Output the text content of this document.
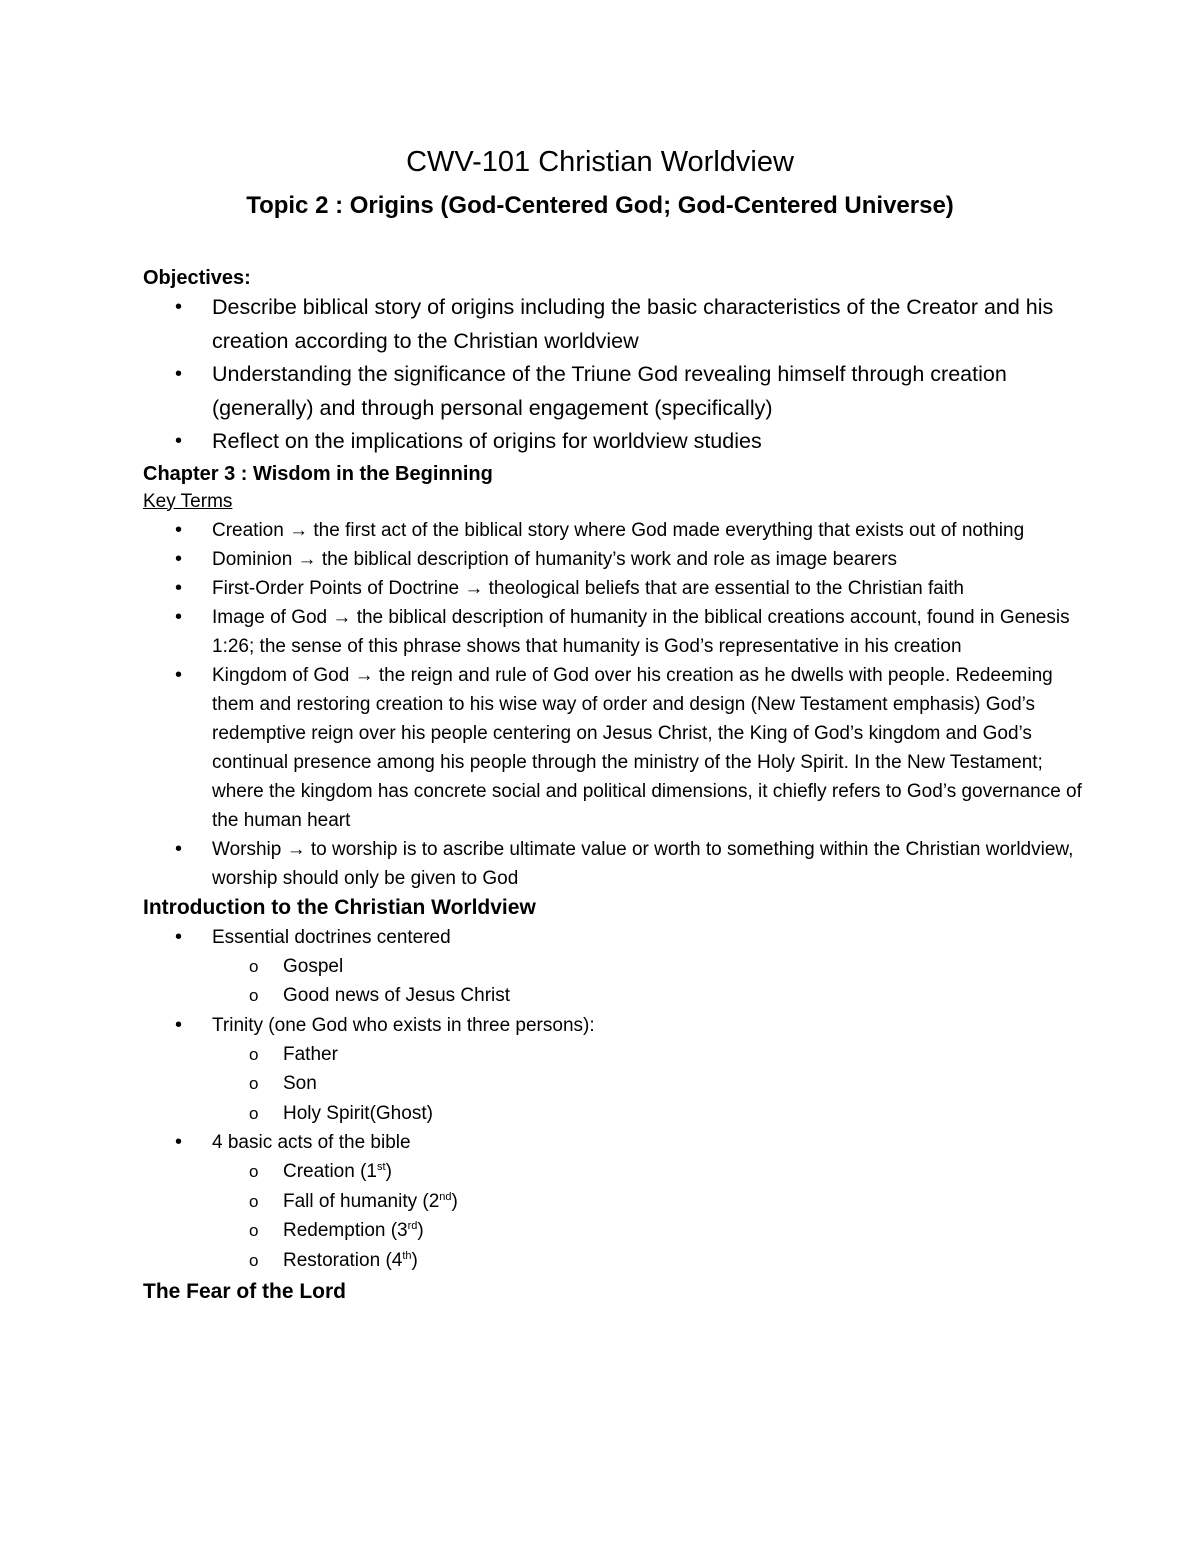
CWV-101 Christian Worldview
Topic 2 : Origins (God-Centered God; God-Centered Universe)
Objectives:
• Describe biblical story of origins including the basic characteristics of the Creator and his creation according to the Christian worldview
• Understanding the significance of the Triune God revealing himself through creation (generally) and through personal engagement (specifically)
• Reflect on the implications of origins for worldview studies
Chapter 3 : Wisdom in the Beginning
Key Terms
• Creation → the first act of the biblical story where God made everything that exists out of nothing
• Dominion → the biblical description of humanity’s work and role as image bearers
• First-Order Points of Doctrine → theological beliefs that are essential to the Christian faith
• Image of God → the biblical description of humanity in the biblical creations account, found in Genesis 1:26; the sense of this phrase shows that humanity is God’s representative in his creation
• Kingdom of God → the reign and rule of God over his creation as he dwells with people. Redeeming them and restoring creation to his wise way of order and design (New Testament emphasis) God’s redemptive reign over his people centering on Jesus Christ, the King of God’s kingdom and God’s continual presence among his people through the ministry of the Holy Spirit. In the New Testament; where the kingdom has concrete social and political dimensions, it chiefly refers to God’s governance of the human heart
• Worship → to worship is to ascribe ultimate value or worth to something within the Christian worldview, worship should only be given to God
Introduction to the Christian Worldview
• Essential doctrines centered
o Gospel
o Good news of Jesus Christ
• Trinity (one God who exists in three persons):
o Father
o Son
o Holy Spirit(Ghost)
• 4 basic acts of the bible
o Creation (1st)
o Fall of humanity (2nd)
o Redemption (3rd)
o Restoration (4th)
The Fear of the Lord
